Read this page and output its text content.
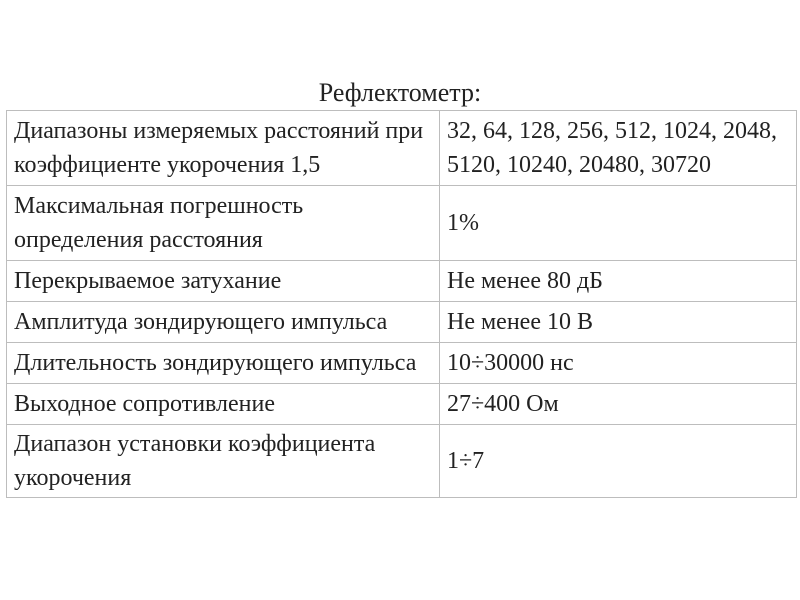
Рефлектометр:
Диапазоны измеряемых расстояний при коэффициенте укорочения 1,5	32, 64, 128, 256, 512, 1024, 2048, 5120, 10240, 20480, 30720
Максимальная погрешность определения расстояния	1%
Перекрываемое затухание	Не менее 80 дБ
Амплитуда зондирующего импульса	Не менее 10 В
Длительность зондирующего импульса	10÷30000 нс
Выходное сопротивление	27÷400 Ом
Диапазон установки коэффициента укорочения	1÷7
